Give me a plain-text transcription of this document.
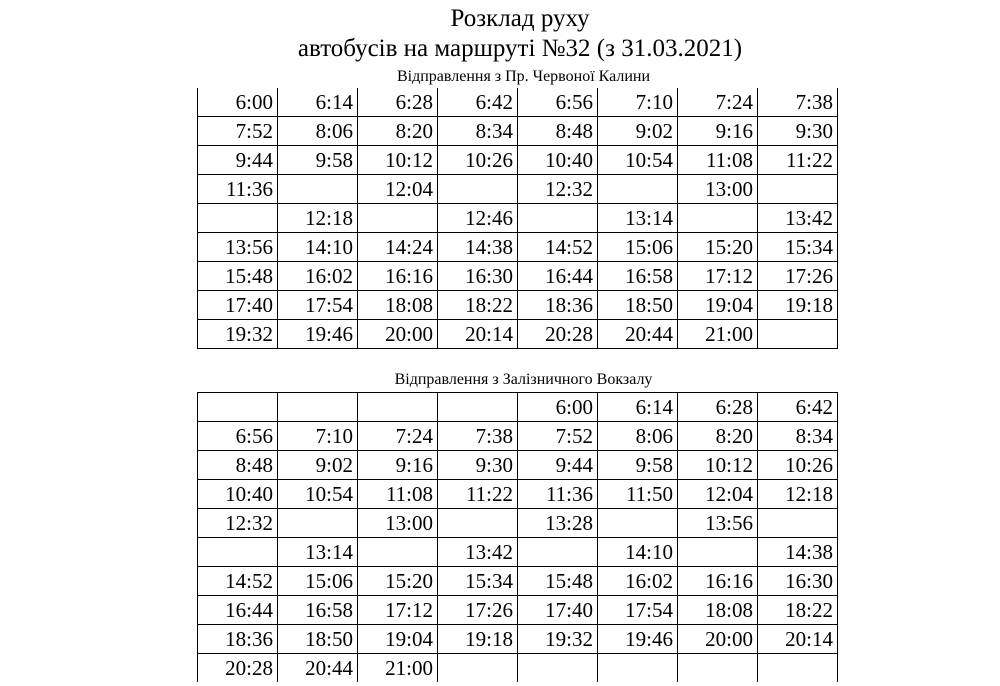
Розклад руху
автобусів на маршруті №32 (з 31.03.2021)

Відправлення з Пр. Червоної Калини

6:00	6:14	6:28	6:42	6:56	7:10	7:24	7:38
7:52	8:06	8:20	8:34	8:48	9:02	9:16	9:30
9:44	9:58	10:12	10:26	10:40	10:54	11:08	11:22
11:36		12:04		12:32		13:00	
	12:18		12:46		13:14		13:42
13:56	14:10	14:24	14:38	14:52	15:06	15:20	15:34
15:48	16:02	16:16	16:30	16:44	16:58	17:12	17:26
17:40	17:54	18:08	18:22	18:36	18:50	19:04	19:18
19:32	19:46	20:00	20:14	20:28	20:44	21:00	

Відправлення з Залізничного Вокзалу

				6:00	6:14	6:28	6:42
6:56	7:10	7:24	7:38	7:52	8:06	8:20	8:34
8:48	9:02	9:16	9:30	9:44	9:58	10:12	10:26
10:40	10:54	11:08	11:22	11:36	11:50	12:04	12:18
12:32		13:00		13:28		13:56	
	13:14		13:42		14:10		14:38
14:52	15:06	15:20	15:34	15:48	16:02	16:16	16:30
16:44	16:58	17:12	17:26	17:40	17:54	18:08	18:22
18:36	18:50	19:04	19:18	19:32	19:46	20:00	20:14
20:28	20:44	21:00					
